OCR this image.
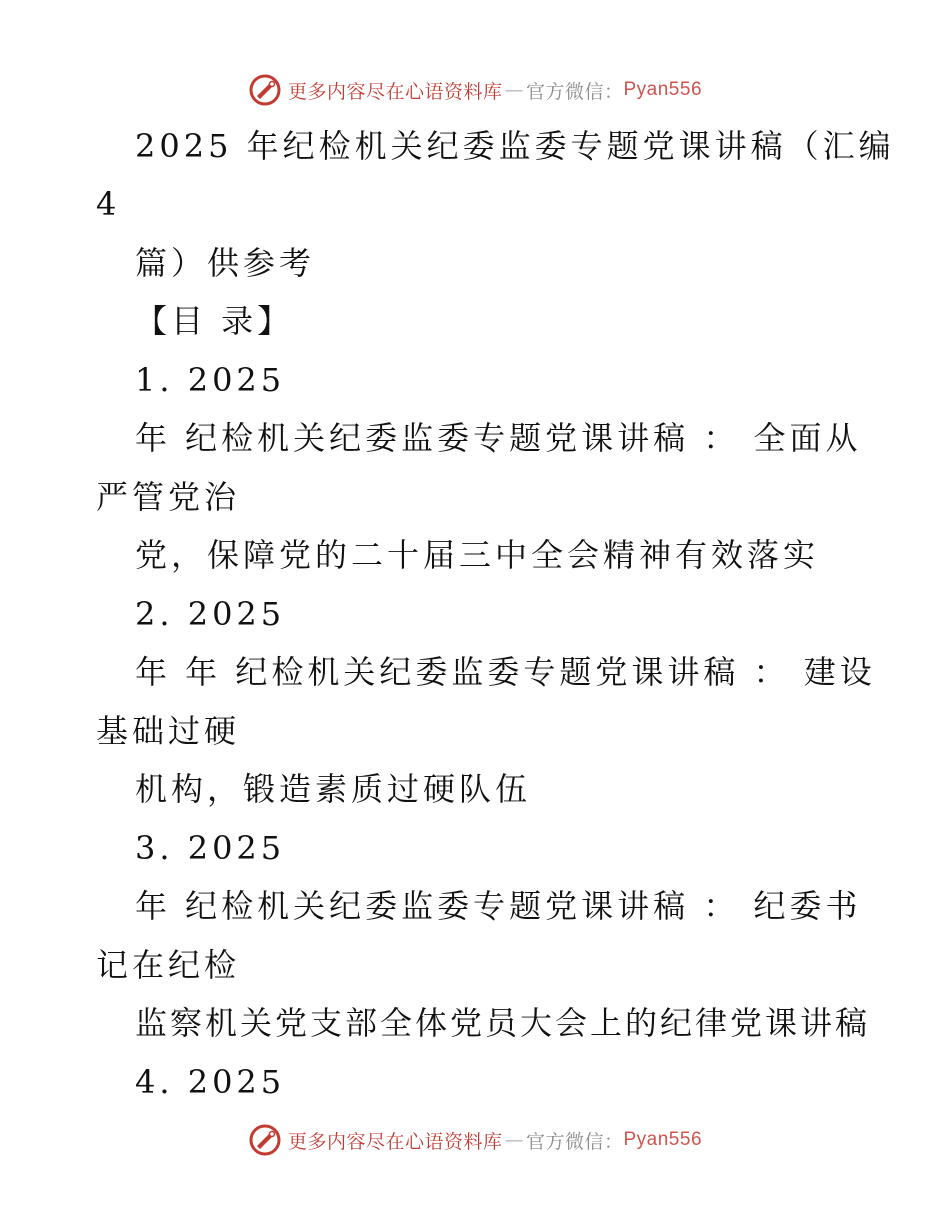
更多内容尽在心语资料库 — 官方微信： Pyan556
2025 年纪检机关纪委监委专题党课讲稿（汇编
4
篇）供参考
【目 录】
1. 2025
年 纪检机关纪委监委专题党课讲稿 ： 全面从
严管党治
党，保障党的二十届三中全会精神有效落实
2. 2025
年 年 纪检机关纪委监委专题党课讲稿 ： 建设
基础过硬
机构，锻造素质过硬队伍
3. 2025
年 纪检机关纪委监委专题党课讲稿 ： 纪委书
记在纪检
监察机关党支部全体党员大会上的纪律党课讲稿
4. 2025
更多内容尽在心语资料库 — 官方微信： Pyan556
